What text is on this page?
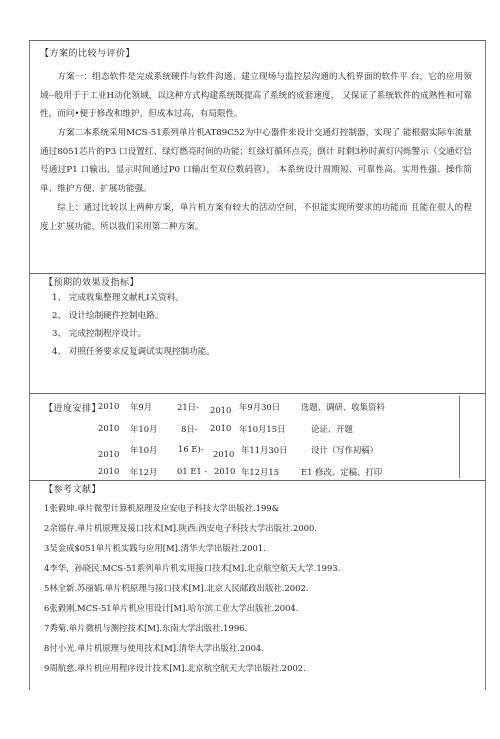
【方案的比较与评价】
方案一：组态软件是完成系统硬件与软件沟通、建立现场与监控层沟通的人机界面的软件平 台，它的应用领域--般用于于工业H动化领域，以这种方式构建系统既提高了系统的成套速度， 又保证了系统软件的成熟性和可靠性，而问•便于修改和维护，但成本过高，有局限性。
方案二本系统采用MCS-51系列单片机AT89C52为中心器件来设计交通灯控制器，实现了 能根据实际车流量通过8051芯片的P3 口设置红、绿灯燃亮时间的功能；红绿灯循环点亮，倒计 时剩3秒时黄灯闪烁警示（交通灯信号通过P1 口输出，显示时间通过P0 口输出至双位数码管）， 本系统设计周期短、可靠性高、实用性强、操作简单、维护方便、扩展功能强。
综上：通过比较以上两种方案，单片机方案有较大的活动空间，不但能实现所要求的功能而 且能在很人的程度上扩展功能，所以我们采用第二种方案。
【预期的效果及指标】
1、 完成收集整理文献札I关资料。
2、 设计绘制硬件控制电路。
3、 完成控制程序设计。
4、 对照任务要求反复调试实现控制功能。
【进度安排】
2010 年9月	21日- 2010 年9月30日 选题、调研、收集资料
2010 年10月	8日- 2010 年10月15日	论证、开题
2010 年10月 16 E)- 2010 年11月30日	设计（写作初稿）
2010 年12月 01 E1 - 2010 年12月15	E1 修改、定稿、打印
【参考文献】
1张毅坤.单片微型计算机原理及应安电子科技大学出版社.199&
2余锡存.单片机原理及接口技术[M].陕西:西安电子科技大学出版社.2000.
3吴金成$051单片机实践与应用[M].清华大学出版社.2001.
4李华，孙晓民.MCS-51系列单片机实用接口技术[M].北京航空航天大学.1993.
5林全新.苏丽娟.单片机原理与接口技术[M].北京人民邮政出版社.2002.
6张毅刚.MCS-51单片机应用设计[M].哈尔滨工业大学出版社.2004.
7秀菊.单片微机与测控技术[M].东南大学出版社.1996.
8付小光.单片机原理与使用技术[M].清华大学出版社.2004.
9周航慈.单片机应用程序设计技术[M].北京航空航天大学出版社.2002.
